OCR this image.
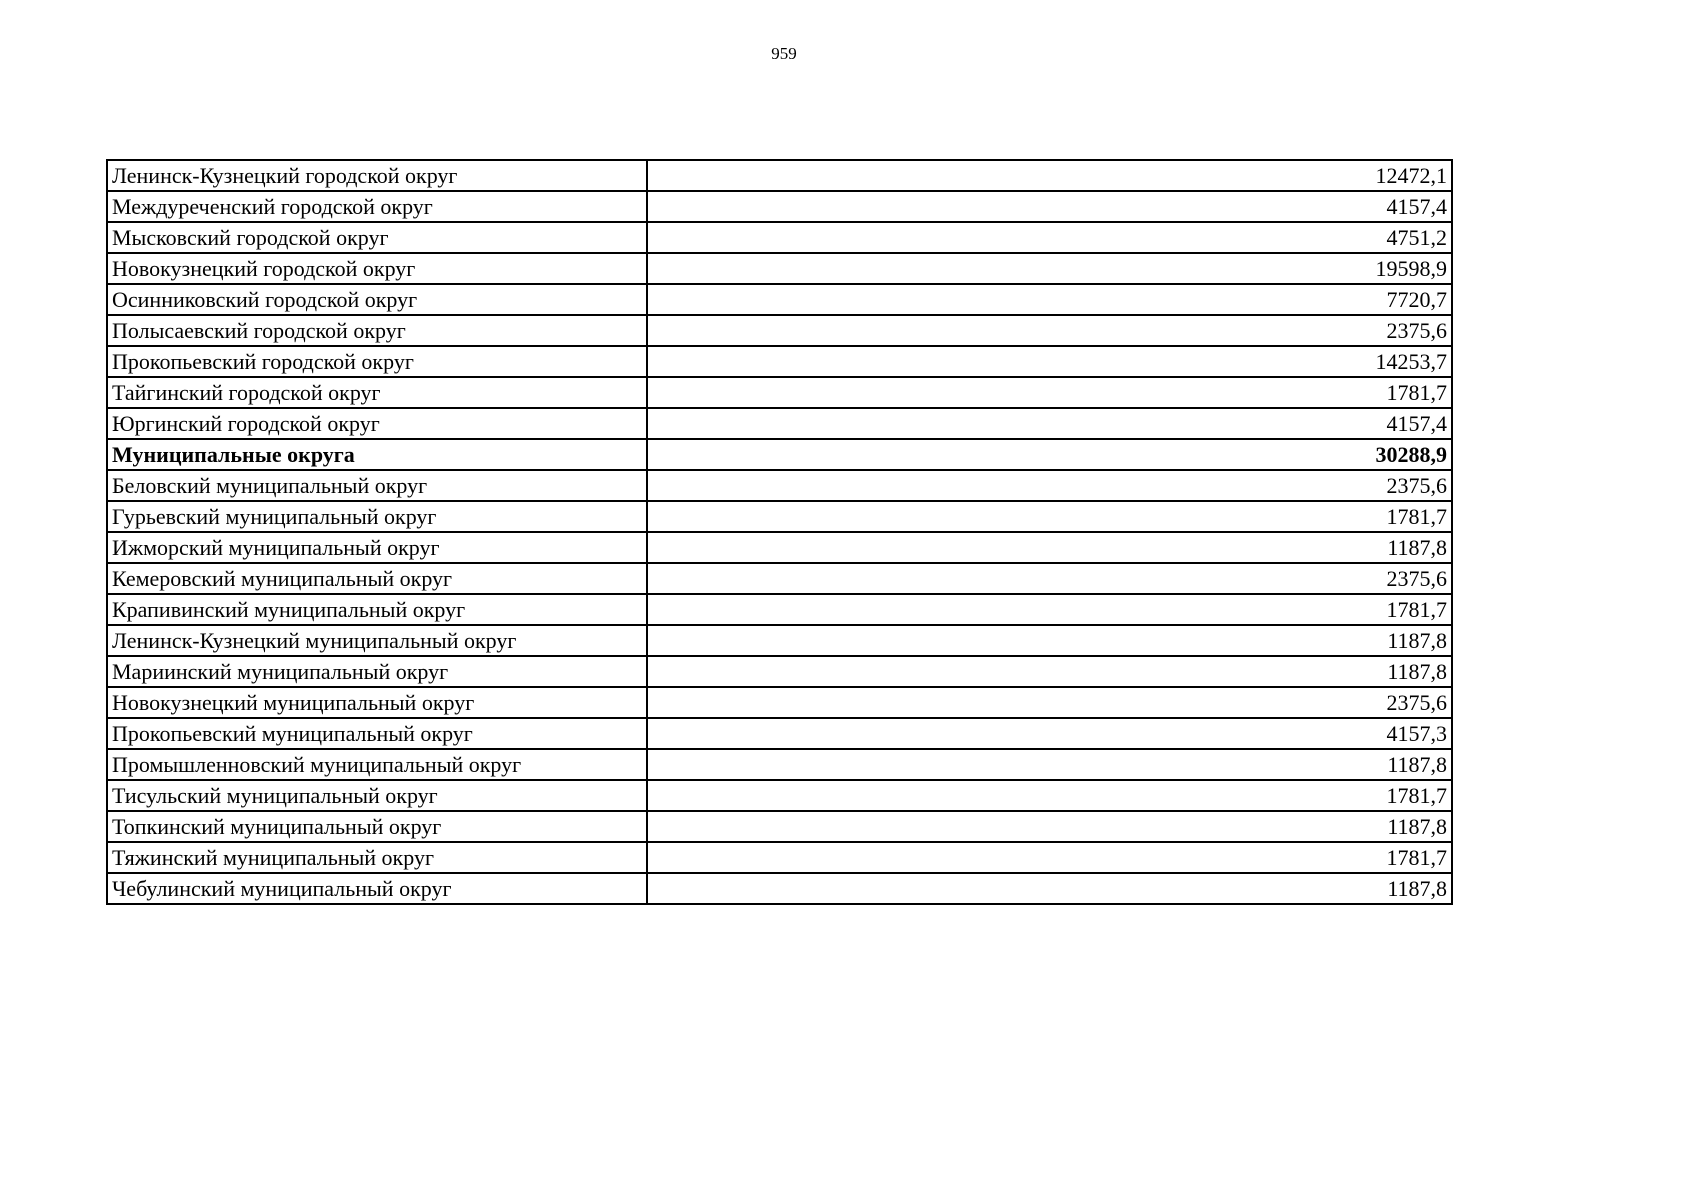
959
Ленинск-Кузнецкий городской округ	12472,1
Междуреченский городской округ	4157,4
Мысковский городской округ	4751,2
Новокузнецкий городской округ	19598,9
Осинниковский городской округ	7720,7
Полысаевский городской округ	2375,6
Прокопьевский городской округ	14253,7
Тайгинский городской округ	1781,7
Юргинский городской округ	4157,4
Муниципальные округа	30288,9
Беловский муниципальный округ	2375,6
Гурьевский муниципальный округ	1781,7
Ижморский муниципальный округ	1187,8
Кемеровский муниципальный округ	2375,6
Крапивинский муниципальный округ	1781,7
Ленинск-Кузнецкий муниципальный округ	1187,8
Мариинский муниципальный округ	1187,8
Новокузнецкий муниципальный округ	2375,6
Прокопьевский муниципальный округ	4157,3
Промышленновский муниципальный округ	1187,8
Тисульский муниципальный округ	1781,7
Топкинский муниципальный округ	1187,8
Тяжинский муниципальный округ	1781,7
Чебулинский муниципальный округ	1187,8
